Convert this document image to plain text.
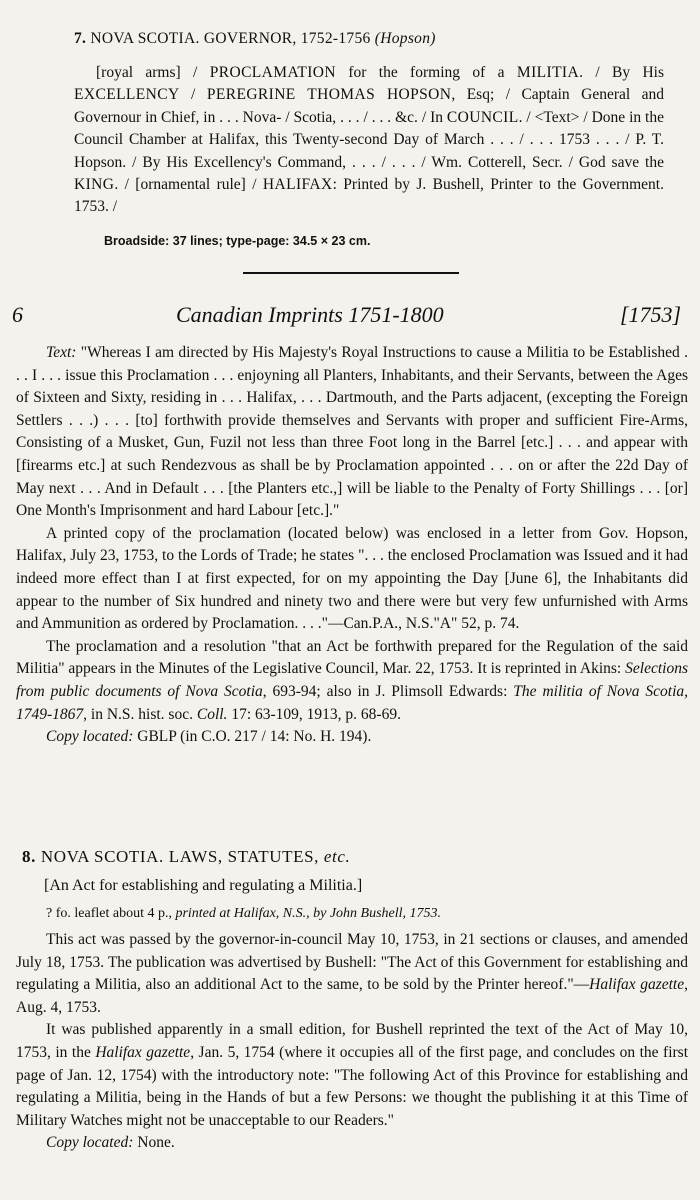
7. NOVA SCOTIA. GOVERNOR, 1752-1756 (Hopson)
[royal arms] / PROCLAMATION for the forming of a MILITIA. / By His EXCELLENCY / PEREGRINE THOMAS HOPSON, Esq; / Captain General and Governour in Chief, in . . . Nova- / Scotia, . . . / . . . &c. / In COUNCIL. / <Text> / Done in the Council Chamber at Halifax, this Twenty-second Day of March . . . / . . . 1753 . . . / P. T. Hopson. / By His Excellency's Command, . . . / . . . / Wm. Cotterell, Secr. / God save the KING. / [ornamental rule] / HALIFAX: Printed by J. Bushell, Printer to the Government. 1753. /
Broadside: 37 lines; type-page: 34.5 × 23 cm.
6	Canadian Imprints 1751-1800	[1753]

Text: "Whereas I am directed by His Majesty's Royal Instructions to cause a Militia to be Established . . . I . . . issue this Proclamation . . . enjoyning all Planters, Inhabitants, and their Servants, between the Ages of Sixteen and Sixty, residing in . . . Halifax, . . . Dartmouth, and the Parts adjacent, (excepting the Foreign Settlers . . .) . . . [to] forthwith provide themselves and Servants with proper and sufficient Fire-Arms, Consisting of a Musket, Gun, Fuzil not less than three Foot long in the Barrel [etc.] . . . and appear with [firearms etc.] at such Rendezvous as shall be by Proclamation appointed . . . on or after the 22d Day of May next . . . And in Default . . . [the Planters etc.,] will be liable to the Penalty of Forty Shillings . . . [or] One Month's Imprisonment and hard Labour [etc.]."

A printed copy of the proclamation (located below) was enclosed in a letter from Gov. Hopson, Halifax, July 23, 1753, to the Lords of Trade; he states ". . . the enclosed Proclamation was Issued and it had indeed more effect than I at first expected, for on my appointing the Day [June 6], the Inhabitants did appear to the number of Six hundred and ninety two and there were but very few unfurnished with Arms and Ammunition as ordered by Proclamation. . . ."—Can.P.A., N.S."A" 52, p. 74.

The proclamation and a resolution "that an Act be forthwith prepared for the Regulation of the said Militia" appears in the Minutes of the Legislative Council, Mar. 22, 1753. It is reprinted in Akins: Selections from public documents of Nova Scotia, 693-94; also in J. Plimsoll Edwards: The militia of Nova Scotia, 1749-1867, in N.S. hist. soc. Coll. 17: 63-109, 1913, p. 68-69.

Copy located: GBLP (in C.O. 217 / 14: No. H. 194).

8. NOVA SCOTIA. LAWS, STATUTES, etc.
[An Act for establishing and regulating a Militia.]
? fo. leaflet about 4 p., printed at Halifax, N.S., by John Bushell, 1753.

This act was passed by the governor-in-council May 10, 1753, in 21 sections or clauses, and amended July 18, 1753. The publication was advertised by Bushell: "The Act of this Government for establishing and regulating a Militia, also an additional Act to the same, to be sold by the Printer hereof."—Halifax gazette, Aug. 4, 1753.

It was published apparently in a small edition, for Bushell reprinted the text of the Act of May 10, 1753, in the Halifax gazette, Jan. 5, 1754 (where it occupies all of the first page, and concludes on the first page of Jan. 12, 1754) with the introductory note: "The following Act of this Province for establishing and regulating a Militia, being in the Hands of but a few Persons: we thought the publishing it at this Time of Military Watches might not be unacceptable to our Readers."

Copy located: None.
